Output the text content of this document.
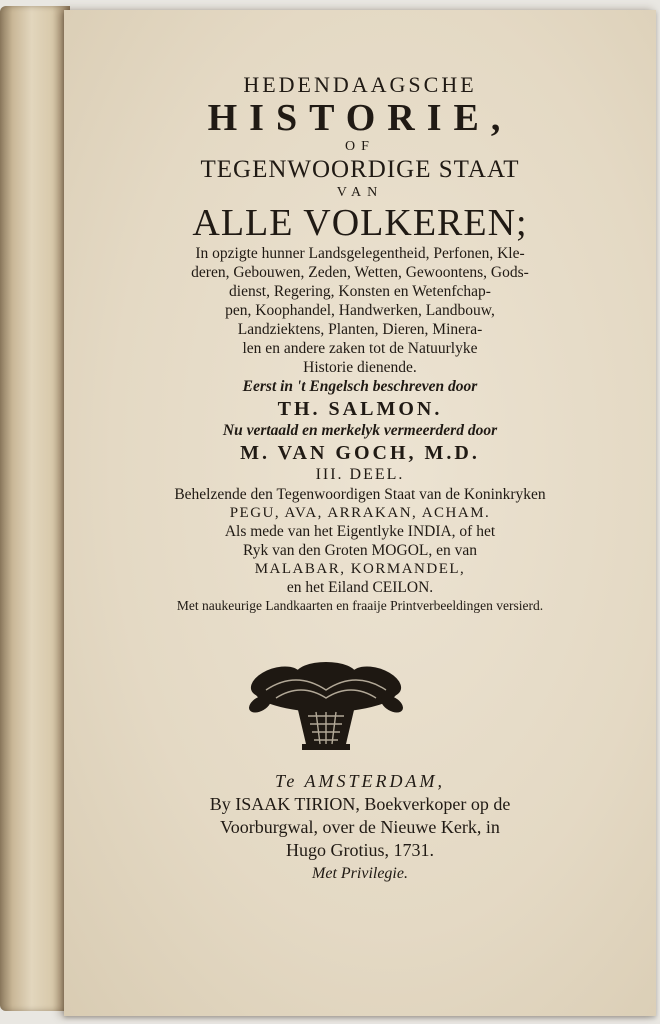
HEDENDAAGSCHE
HISTORIE,
OF
TEGENWOORDIGE STAAT
VAN
ALLE VOLKEREN;
In opzigte hunner Landsgelegentheid, Perfonen, Kle-
deren, Gebouwen, Zeden, Wetten, Gewoontens, Gods-
dienst, Regering, Konsten en Wetenfchap-
pen, Koophandel, Handwerken, Landbouw,
Landziektens, Planten, Dieren, Minera-
len en andere zaken tot de Natuurlyke
Historie dienende.
Eerst in 't Engelsch beschreven door
TH. SALMON.
Nu vertaald en merkelyk vermeerderd door
M. VAN GOCH, M.D.
III. DEEL.
Behelzende den Tegenwoordigen Staat van de Koninkryken
PEGU, AVA, ARRAKAN, ACHAM.
Als mede van het Eigentlyke INDIA, of het
Ryk van den Groten MOGOL, en van
MALABAR, KORMANDEL,
en het Eiland CEILON.
Met naukeurige Landkaarten en fraaije Printverbeeldingen versierd.
Te AMSTERDAM,
By ISAAK TIRION, Boekverkoper op de
Voorburgwal, over de Nieuwe Kerk, in
Hugo Grotius, 1731.
Met Privilegie.
